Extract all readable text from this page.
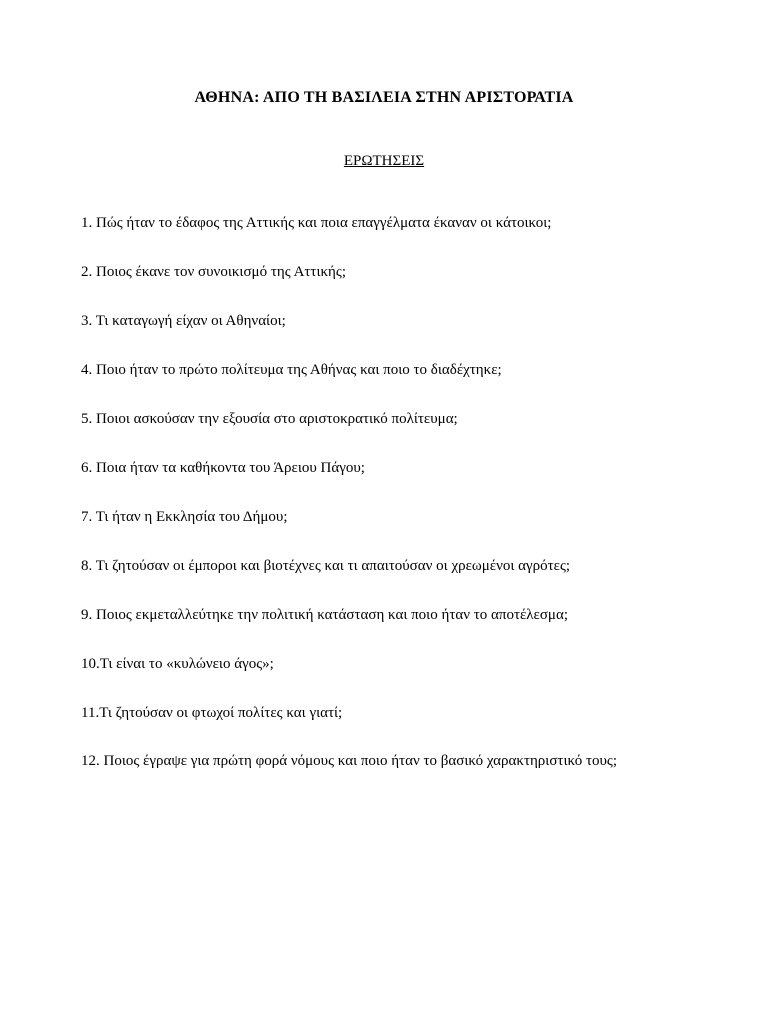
ΑΘΗΝΑ: ΑΠΟ ΤΗ ΒΑΣΙΛΕΙΑ ΣΤΗΝ ΑΡΙΣΤΟΡΑΤΙΑ

ΕΡΩΤΗΣΕΙΣ

1. Πώς ήταν το έδαφος της Αττικής και ποια επαγγέλματα έκαναν οι κάτοικοι;
2. Ποιος έκανε τον συνοικισμό της Αττικής;
3. Τι καταγωγή είχαν οι Αθηναίοι;
4. Ποιο ήταν το πρώτο πολίτευμα της Αθήνας και ποιο το διαδέχτηκε;
5. Ποιοι ασκούσαν την εξουσία στο αριστοκρατικό πολίτευμα;
6. Ποια ήταν τα καθήκοντα του Άρειου Πάγου;
7. Τι ήταν η Εκκλησία του Δήμου;
8. Τι ζητούσαν οι έμποροι και βιοτέχνες και τι απαιτούσαν οι χρεωμένοι αγρότες;
9. Ποιος εκμεταλλεύτηκε την πολιτική κατάσταση και ποιο ήταν το αποτέλεσμα;
10.Τι είναι το «κυλώνειο άγος»;
11.Τι ζητούσαν οι φτωχοί πολίτες και γιατί;
12. Ποιος έγραψε για πρώτη φορά νόμους και ποιο ήταν το βασικό χαρακτηριστικό τους;
